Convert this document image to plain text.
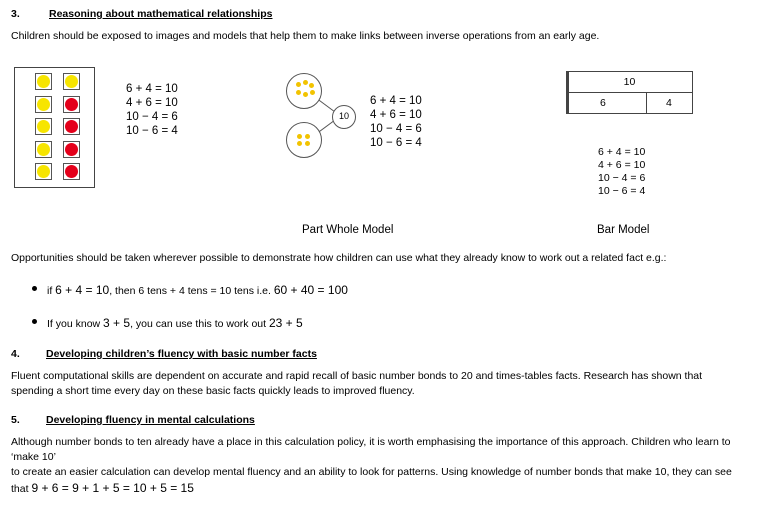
3.	Reasoning about mathematical relationships
Children should be exposed to images and models that help them to make links between inverse operations from an early age.
6 + 4 = 10
4 + 6 = 10
10 − 4 = 6
10 − 6 = 4
10
6 + 4 = 10
4 + 6 = 10
10 − 4 = 6
10 − 6 = 4
10
6	4
6 + 4 = 10
4 + 6 = 10
10 − 4 = 6
10 − 6 = 4
Part Whole Model	Bar Model
Opportunities should be taken wherever possible to demonstrate how children can use what they already know to work out a related fact e.g.:
if 6 + 4 = 10, then 6 tens + 4 tens = 10 tens i.e. 60 + 40 = 100
If you know 3 + 5, you can use this to work out 23 + 5
4. Developing children’s fluency with basic number facts
Fluent computational skills are dependent on accurate and rapid recall of basic number bonds to 20 and times-tables facts. Research has shown that
spending a short time every day on these basic facts quickly leads to improved fluency.
5. Developing fluency in mental calculations
Although number bonds to ten already have a place in this calculation policy, it is worth emphasising the importance of this approach. Children who learn to
‘make 10’
to create an easier calculation can develop mental fluency and an ability to look for patterns. Using knowledge of number bonds that make 10, they can see
that 9 + 6 = 9 + 1 + 5 = 10 + 5 = 15
